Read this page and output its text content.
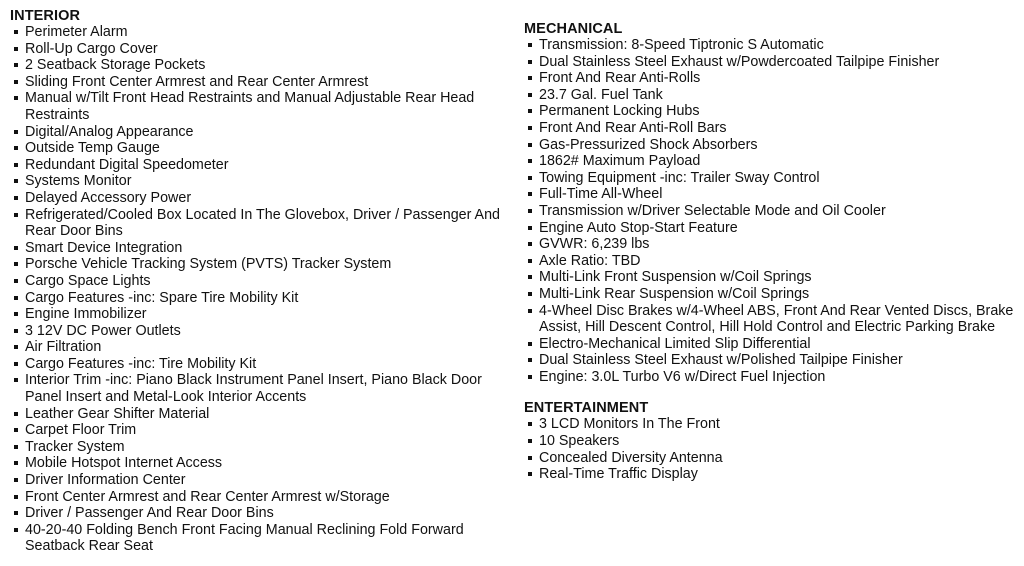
INTERIOR
Perimeter Alarm
Roll-Up Cargo Cover
2 Seatback Storage Pockets
Sliding Front Center Armrest and Rear Center Armrest
Manual w/Tilt Front Head Restraints and Manual Adjustable Rear Head Restraints
Digital/Analog Appearance
Outside Temp Gauge
Redundant Digital Speedometer
Systems Monitor
Delayed Accessory Power
Refrigerated/Cooled Box Located In The Glovebox, Driver / Passenger And Rear Door Bins
Smart Device Integration
Porsche Vehicle Tracking System (PVTS) Tracker System
Cargo Space Lights
Cargo Features -inc: Spare Tire Mobility Kit
Engine Immobilizer
3 12V DC Power Outlets
Air Filtration
Cargo Features -inc: Tire Mobility Kit
Interior Trim -inc: Piano Black Instrument Panel Insert, Piano Black Door Panel Insert and Metal-Look Interior Accents
Leather Gear Shifter Material
Carpet Floor Trim
Tracker System
Mobile Hotspot Internet Access
Driver Information Center
Front Center Armrest and Rear Center Armrest w/Storage
Driver / Passenger And Rear Door Bins
40-20-40 Folding Bench Front Facing Manual Reclining Fold Forward Seatback Rear Seat
MECHANICAL
Transmission: 8-Speed Tiptronic S Automatic
Dual Stainless Steel Exhaust w/Powdercoated Tailpipe Finisher
Front And Rear Anti-Rolls
23.7 Gal. Fuel Tank
Permanent Locking Hubs
Front And Rear Anti-Roll Bars
Gas-Pressurized Shock Absorbers
1862# Maximum Payload
Towing Equipment -inc: Trailer Sway Control
Full-Time All-Wheel
Transmission w/Driver Selectable Mode and Oil Cooler
Engine Auto Stop-Start Feature
GVWR: 6,239 lbs
Axle Ratio: TBD
Multi-Link Front Suspension w/Coil Springs
Multi-Link Rear Suspension w/Coil Springs
4-Wheel Disc Brakes w/4-Wheel ABS, Front And Rear Vented Discs, Brake Assist, Hill Descent Control, Hill Hold Control and Electric Parking Brake
Electro-Mechanical Limited Slip Differential
Dual Stainless Steel Exhaust w/Polished Tailpipe Finisher
Engine: 3.0L Turbo V6 w/Direct Fuel Injection
ENTERTAINMENT
3 LCD Monitors In The Front
10 Speakers
Concealed Diversity Antenna
Real-Time Traffic Display
